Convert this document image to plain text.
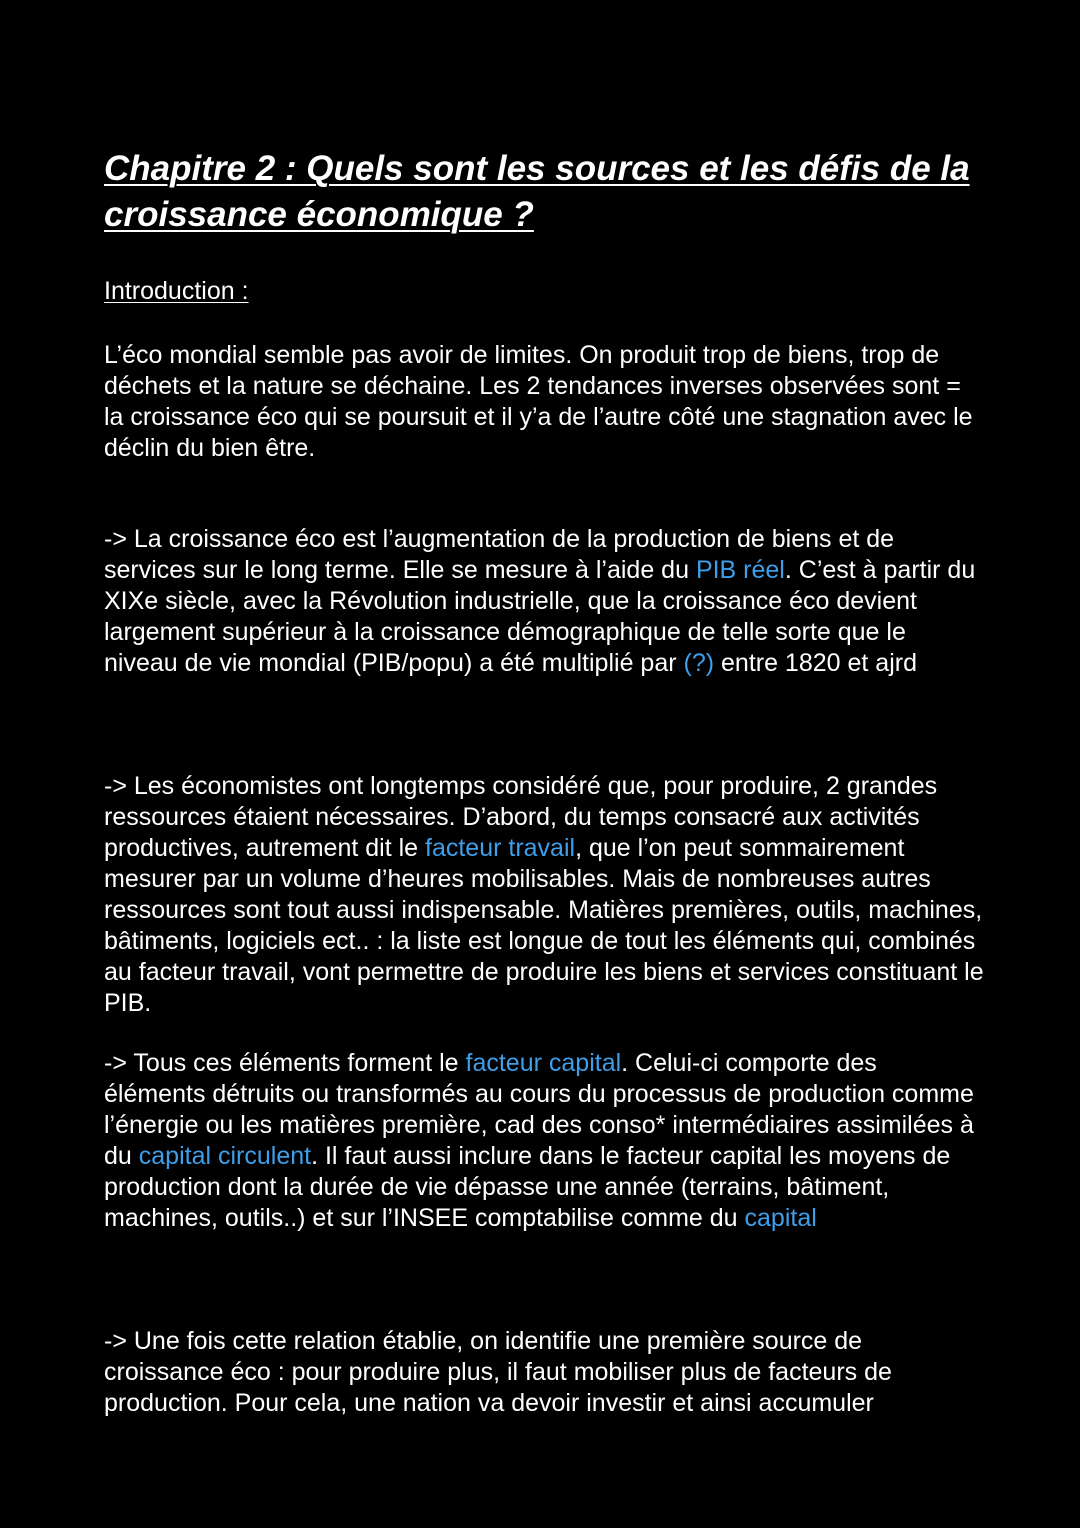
Chapitre 2 : Quels sont les sources et les défis de la croissance économique ?

Introduction :

L’éco mondial semble pas avoir de limites. On produit trop de biens, trop de déchets et la nature se déchaine. Les 2 tendances inverses observées sont = la croissance éco qui se poursuit et il y’a de l’autre côté une stagnation avec le déclin du bien être.

-> La croissance éco est l’augmentation de la production de biens et de services sur le long terme. Elle se mesure à l’aide du PIB réel. C’est à partir du XIXe siècle, avec la Révolution industrielle, que la croissance éco devient largement supérieur à la croissance démographique de telle sorte que le niveau de vie mondial (PIB/popu) a été multiplié par (?) entre 1820 et ajrd

-> Les économistes ont longtemps considéré que, pour produire, 2 grandes ressources étaient nécessaires. D’abord, du temps consacré aux activités productives, autrement dit le facteur travail, que l’on peut sommairement mesurer par un volume d’heures mobilisables. Mais de nombreuses autres ressources sont tout aussi indispensable. Matières premières, outils, machines, bâtiments, logiciels ect.. : la liste est longue de tout les éléments qui, combinés au facteur travail, vont permettre de produire les biens et services constituant le PIB.

-> Tous ces éléments forment le facteur capital. Celui-ci comporte des éléments détruits ou transformés au cours du processus de production comme l’énergie ou les matières première, cad des conso* intermédiaires assimilées à du capital circulent. Il faut aussi inclure dans le facteur capital les moyens de production dont la durée de vie dépasse une année (terrains, bâtiment, machines, outils..) et sur l’INSEE comptabilise comme du capital

-> Une fois cette relation établie, on identifie une première source de croissance éco : pour produire plus, il faut mobiliser plus de facteurs de production. Pour cela, une nation va devoir investir et ainsi accumuler
